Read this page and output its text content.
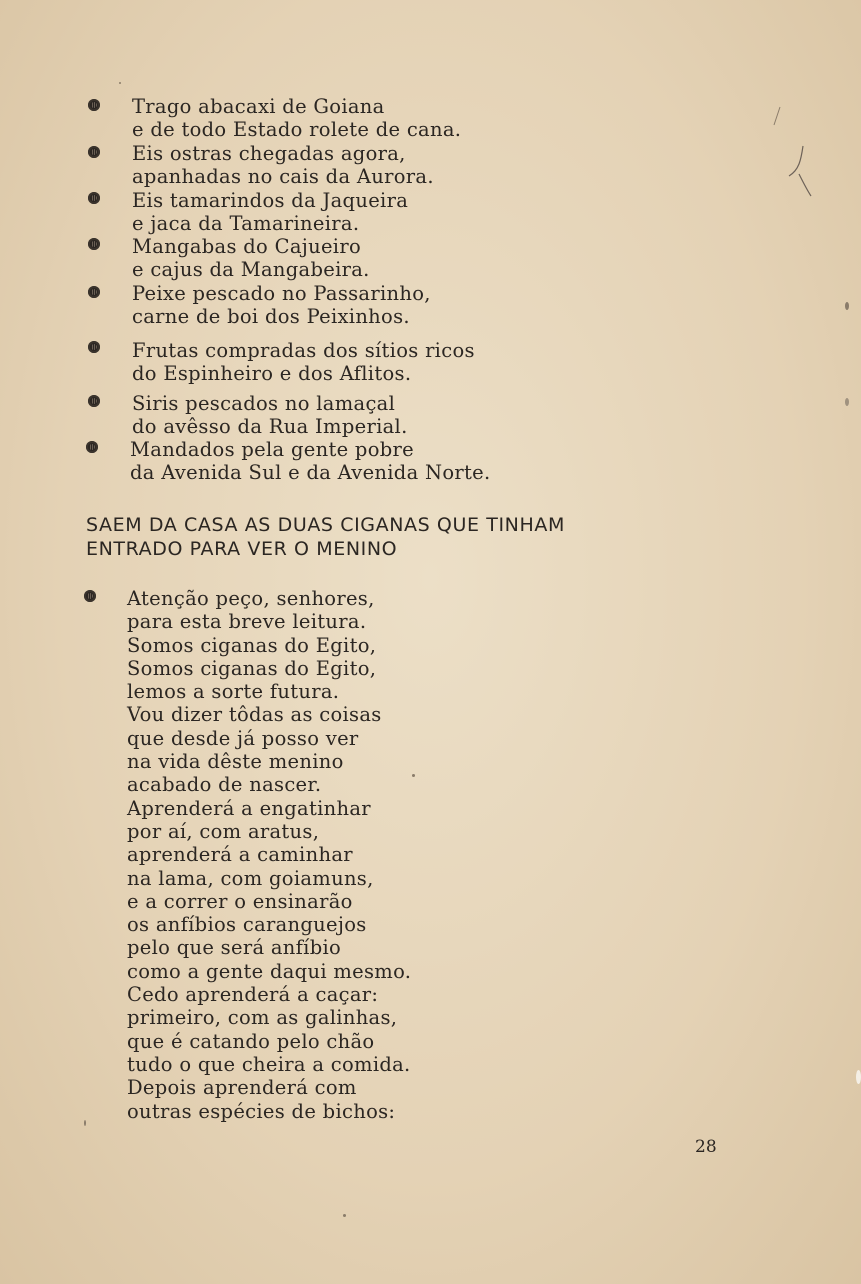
Trago abacaxi de Goiana
e de todo Estado rolete de cana.
Eis ostras chegadas agora,
apanhadas no cais da Aurora.
Eis tamarindos da Jaqueira
e jaca da Tamarineira.
Mangabas do Cajueiro
e cajus da Mangabeira.
Peixe pescado no Passarinho,
carne de boi dos Peixinhos.
Frutas compradas dos sítios ricos
do Espinheiro e dos Aflitos.
Siris pescados no lamaçal
do avêsso da Rua Imperial.
Mandados pela gente pobre
da Avenida Sul e da Avenida Norte.
SAEM DA CASA AS DUAS CIGANAS QUE TINHAM
ENTRADO PARA VER O MENINO
Atenção peço, senhores,
para esta breve leitura.
Somos ciganas do Egito,
Somos ciganas do Egito,
lemos a sorte futura.
Vou dizer tôdas as coisas
que desde já posso ver
na vida dêste menino
acabado de nascer.
Aprenderá a engatinhar
por aí, com aratus,
aprenderá a caminhar
na lama, com goiamuns,
e a correr o ensinarão
os anfíbios caranguejos
pelo que será anfíbio
como a gente daqui mesmo.
Cedo aprenderá a caçar:
primeiro, com as galinhas,
que é catando pelo chão
tudo o que cheira a comida.
Depois aprenderá com
outras espécies de bichos:
28
